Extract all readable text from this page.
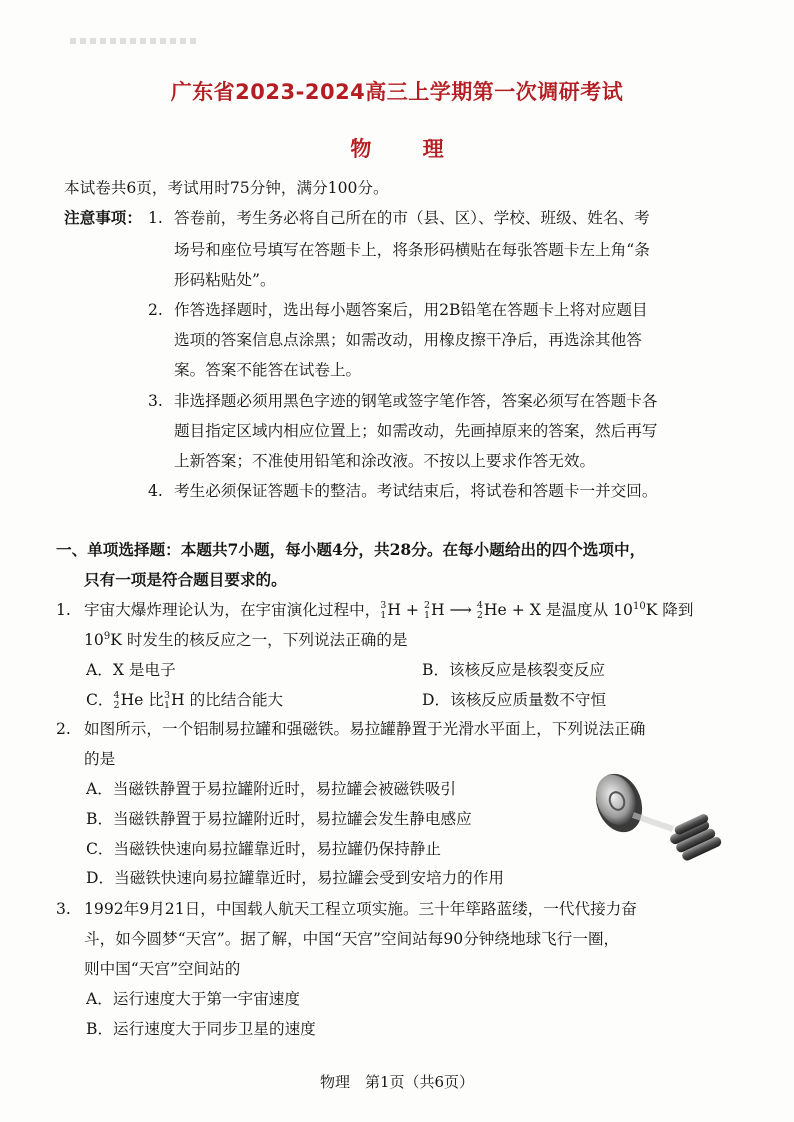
广东省2023-2024高三上学期第一次调研考试
物 理
本试卷共6页，考试用时75分钟，满分100分。
注意事项： 1. 答卷前，考生务必将自己所在的市（县、区）、学校、班级、姓名、考
场号和座位号填写在答题卡上，将条形码横贴在每张答题卡左上角“条
形码粘贴处”。
2. 作答选择题时，选出每小题答案后，用2B铅笔在答题卡上将对应题目
选项的答案信息点涂黑；如需改动，用橡皮擦干净后，再选涂其他答
案。答案不能答在试卷上。
3. 非选择题必须用黑色字迹的钢笔或签字笔作答，答案必须写在答题卡各
题目指定区域内相应位置上；如需改动，先画掉原来的答案，然后再写
上新答案；不准使用铅笔和涂改液。不按以上要求作答无效。
4. 考生必须保证答题卡的整洁。考试结束后，将试卷和答题卡一并交回。
一、单项选择题：本题共7小题，每小题4分，共28分。在每小题给出的四个选项中，
只有一项是符合题目要求的。
1. 宇宙大爆炸理论认为，在宇宙演化过程中， 3
1 H + 2
1 H ⟶ 4
2 He + X 是温度从 $10^{10}K$ 降到
$10^9K$ 时发生的核反应之一，下列说法正确的是
A．X 是电子	B．该核反应是核裂变反应
C． 4
2 He 比 3
1 H 的比结合能大	D．该核反应质量数不守恒
2. 如图所示，一个铝制易拉罐和强磁铁。易拉罐静置于光滑水平面上，下列说法正确
的是
A．当磁铁静置于易拉罐附近时，易拉罐会被磁铁吸引
B．当磁铁静置于易拉罐附近时，易拉罐会发生静电感应
C．当磁铁快速向易拉罐靠近时，易拉罐仍保持静止
D．当磁铁快速向易拉罐靠近时，易拉罐会受到安培力的作用
3. 1992年9月21日，中国载人航天工程立项实施。三十年筚路蓝缕，一代代接力奋
斗，如今圆梦“天宫”。据了解，中国“天宫”空间站每90分钟绕地球飞行一圈，
则中国“天宫”空间站的
A．运行速度大于第一宇宙速度
B．运行速度大于同步卫星的速度
物理　第1页（共6页）
